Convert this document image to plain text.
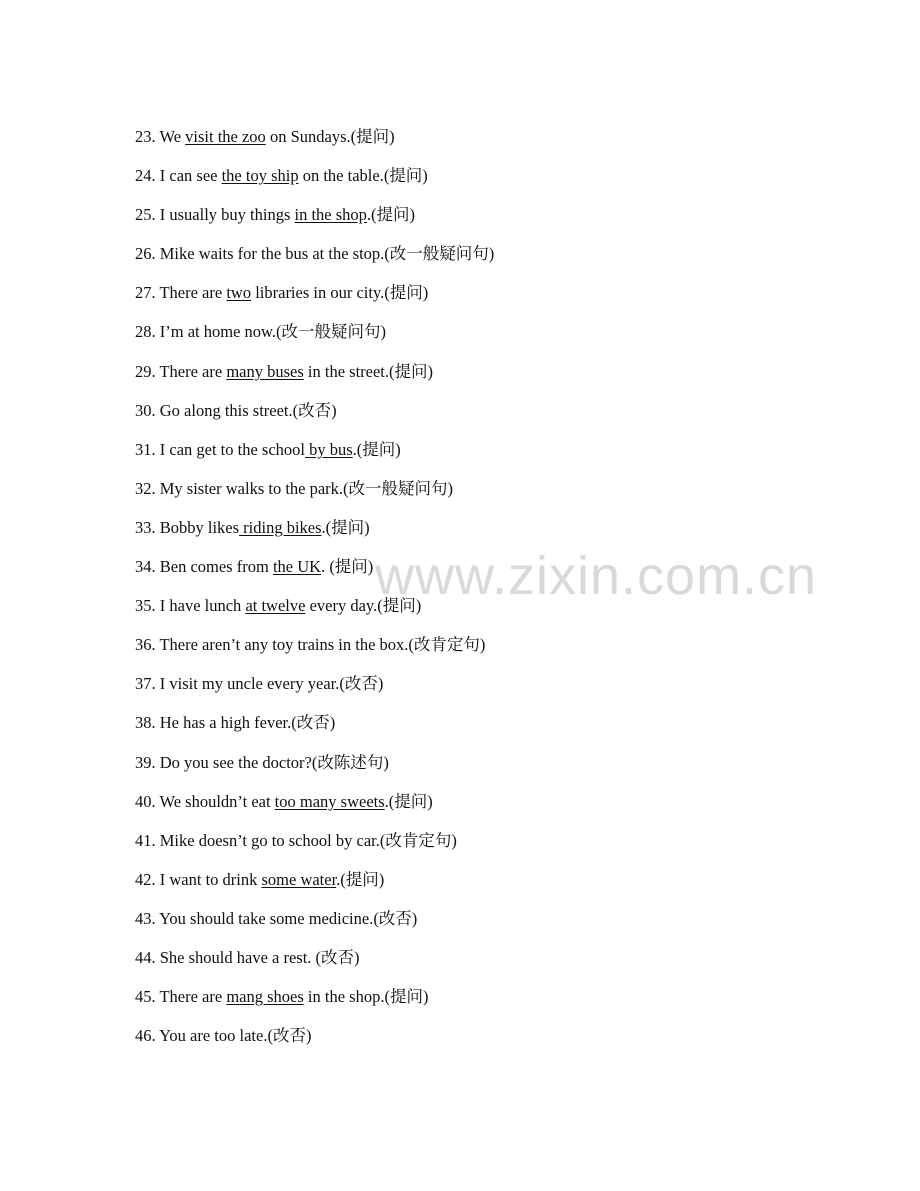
www.zixin.com.cn
23. We visit the zoo on Sundays.(提问)
24. I can see the toy ship on the table.(提问)
25. I usually buy things in the shop.(提问)
26. Mike waits for the bus at the stop.(改一般疑问句)
27. There are two libraries in our city.(提问)
28. I’m at home now.(改一般疑问句)
29. There are many buses in the street.(提问)
30. Go along this street.(改否)
31. I can get to the school by bus.(提问)
32. My sister walks to the park.(改一般疑问句)
33. Bobby likes riding bikes.(提问)
34. Ben comes from the UK. (提问)
35. I have lunch at twelve every day.(提问)
36. There aren’t any toy trains in the box.(改肯定句)
37. I visit my uncle every year.(改否)
38. He has a high fever.(改否)
39. Do you see the doctor?(改陈述句)
40. We shouldn’t eat too many sweets.(提问)
41. Mike doesn’t go to school by car.(改肯定句)
42. I want to drink some water.(提问)
43. You should take some medicine.(改否)
44. She should have a rest. (改否)
45. There are mang shoes in the shop.(提问)
46. You are too late.(改否)
